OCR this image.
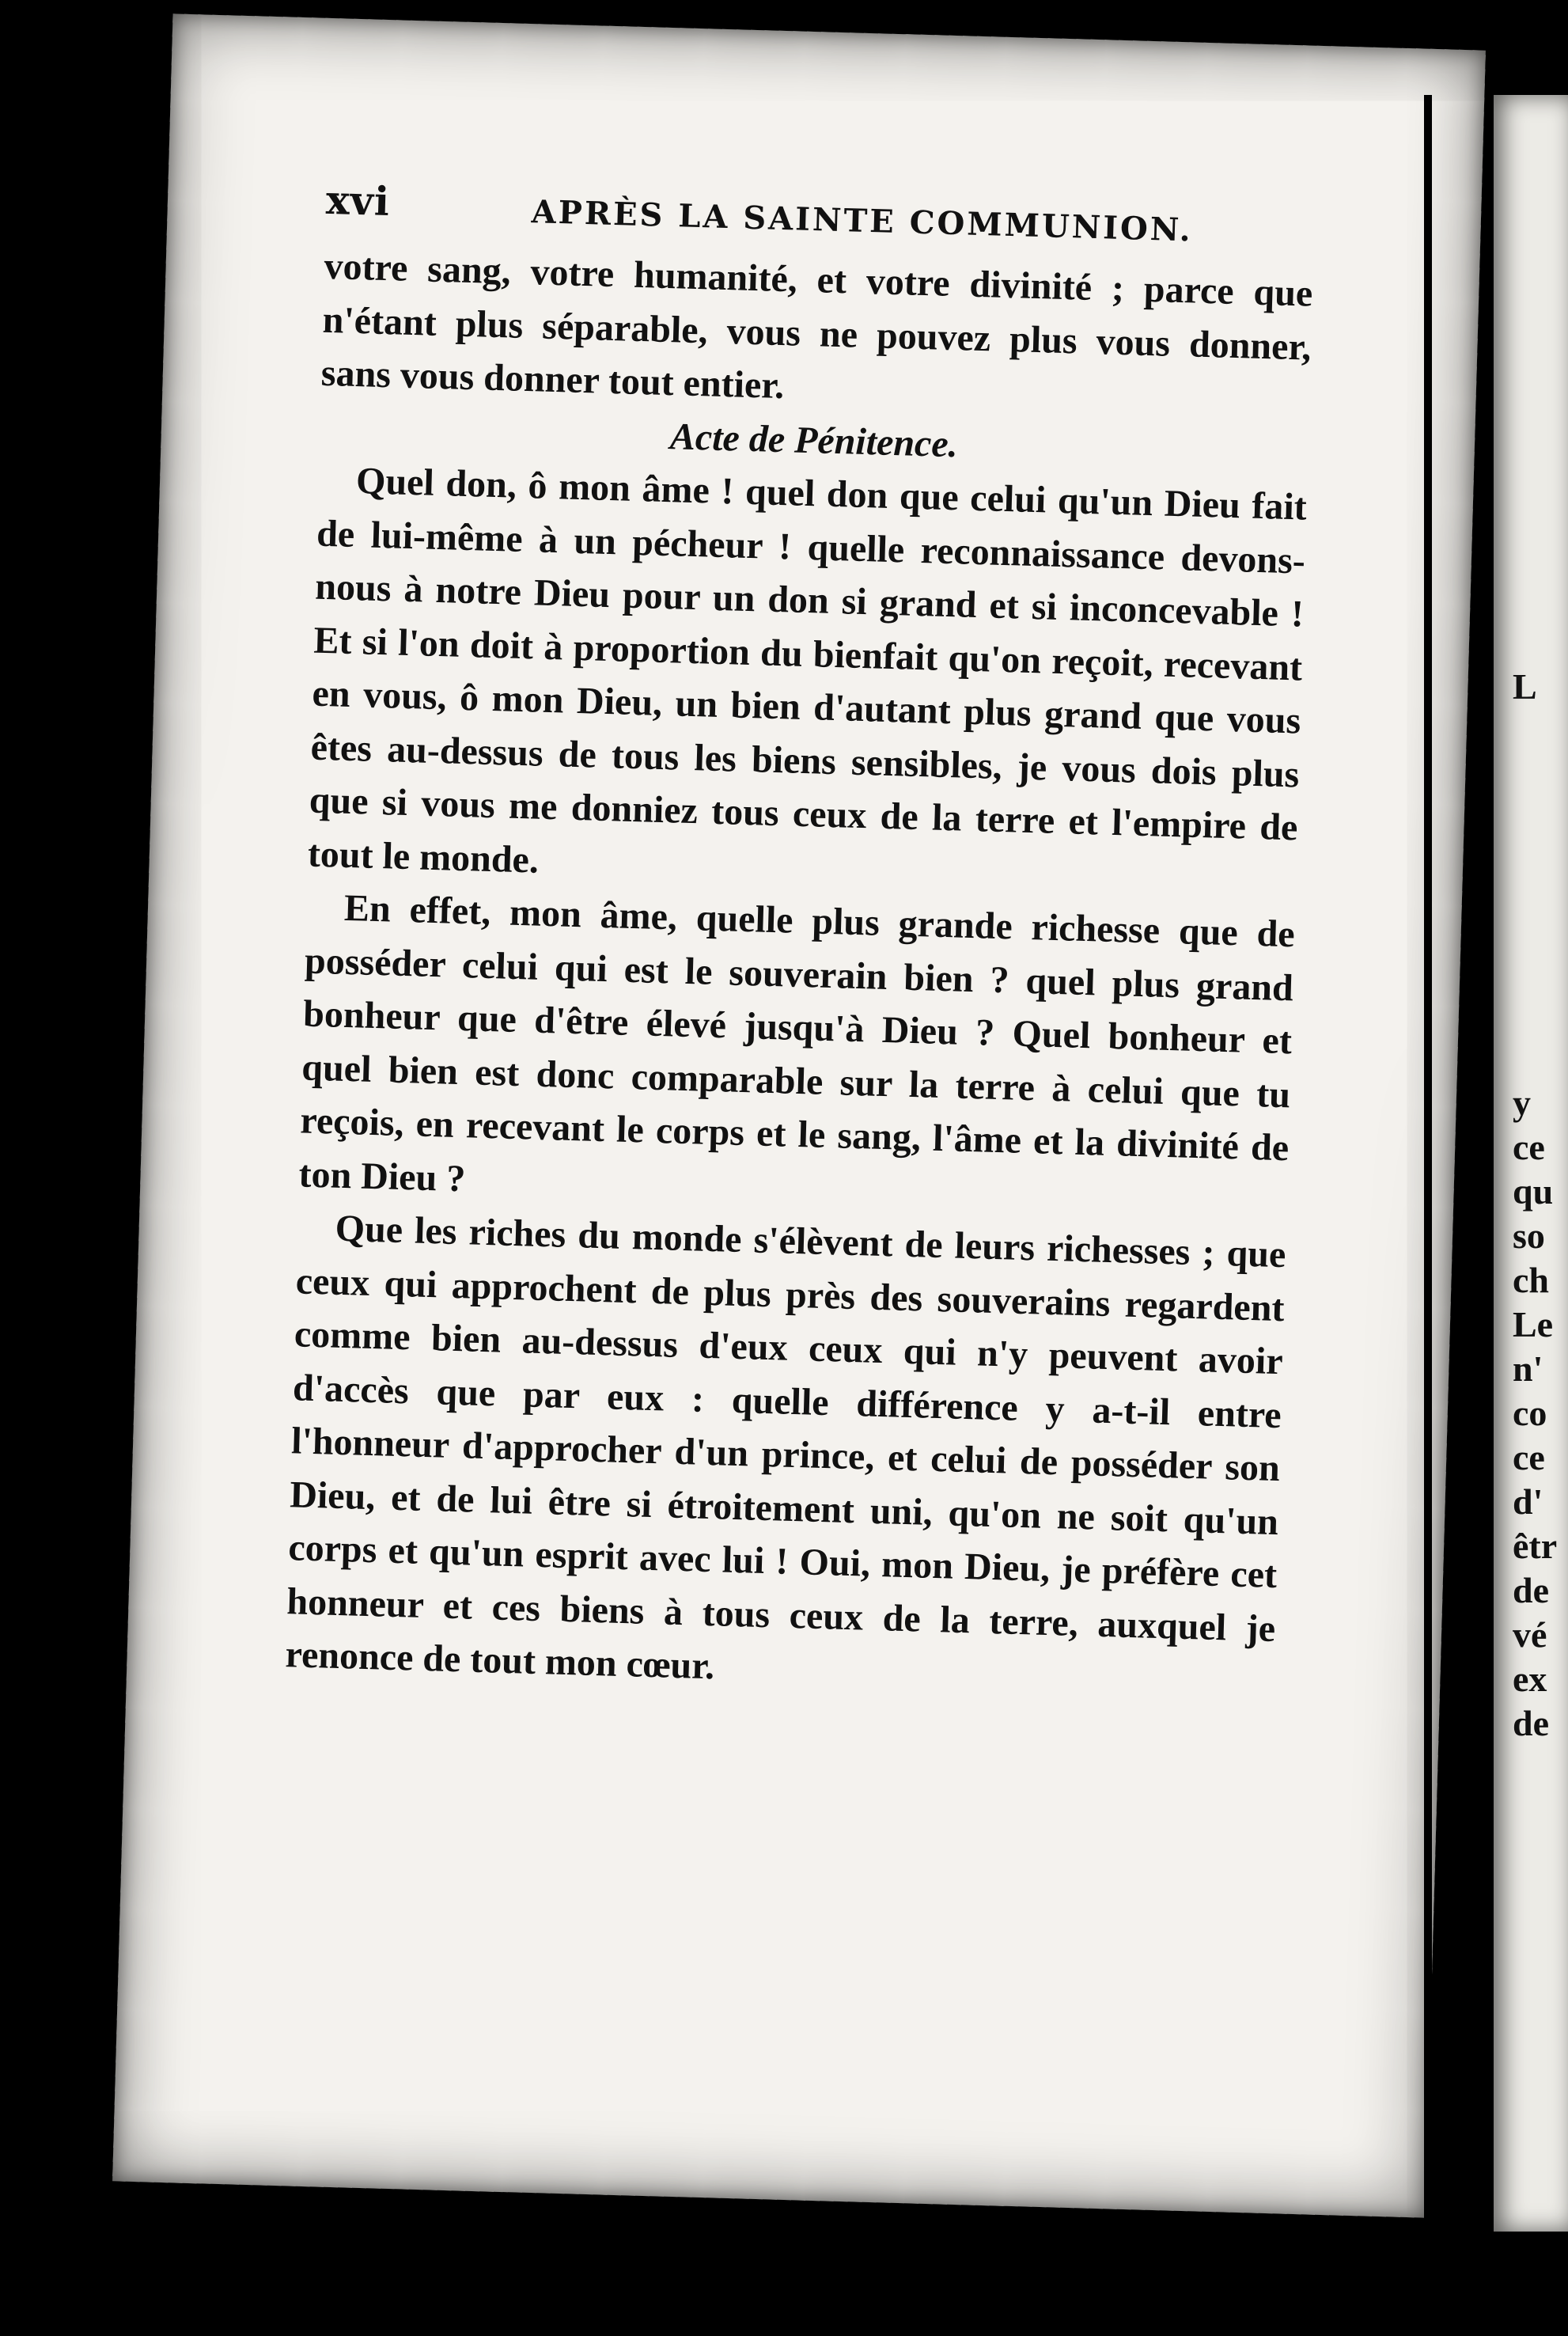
xvi	APRÈS LA SAINTE COMMUNION.

votre sang, votre humanité, et votre divinité ; parce que n'étant plus séparable, vous ne pouvez plus vous donner, sans vous donner tout entier.

Acte de Pénitence.

Quel don, ô mon âme ! quel don que celui qu'un Dieu fait de lui-même à un pécheur ! quelle reconnaissance devons-nous à notre Dieu pour un don si grand et si inconcevable ! Et si l'on doit à proportion du bienfait qu'on reçoit, recevant en vous, ô mon Dieu, un bien d'autant plus grand que vous êtes au-dessus de tous les biens sensibles, je vous dois plus que si vous me donniez tous ceux de la terre et l'empire de tout le monde.

En effet, mon âme, quelle plus grande richesse que de posséder celui qui est le souverain bien ? quel plus grand bonheur que d'être élevé jusqu'à Dieu ? Quel bonheur et quel bien est donc comparable sur la terre à celui que tu reçois, en recevant le corps et le sang, l'âme et la divinité de ton Dieu ?

Que les riches du monde s'élèvent de leurs richesses ; que ceux qui approchent de plus près des souverains regardent comme bien au-dessus d'eux ceux qui n'y peuvent avoir d'accès que par eux : quelle différence y a-t-il entre l'honneur d'approcher d'un prince, et celui de posséder son Dieu, et de lui être si étroitement uni, qu'on ne soit qu'un corps et qu'un esprit avec lui ! Oui, mon Dieu, je préfère cet honneur et ces biens à tous ceux de la terre, auxquel je renonce de tout mon cœur.

L
y
ce
qu
so
ch
Le
n'
co
ce
d'
êtr
de
vé
ex
de
